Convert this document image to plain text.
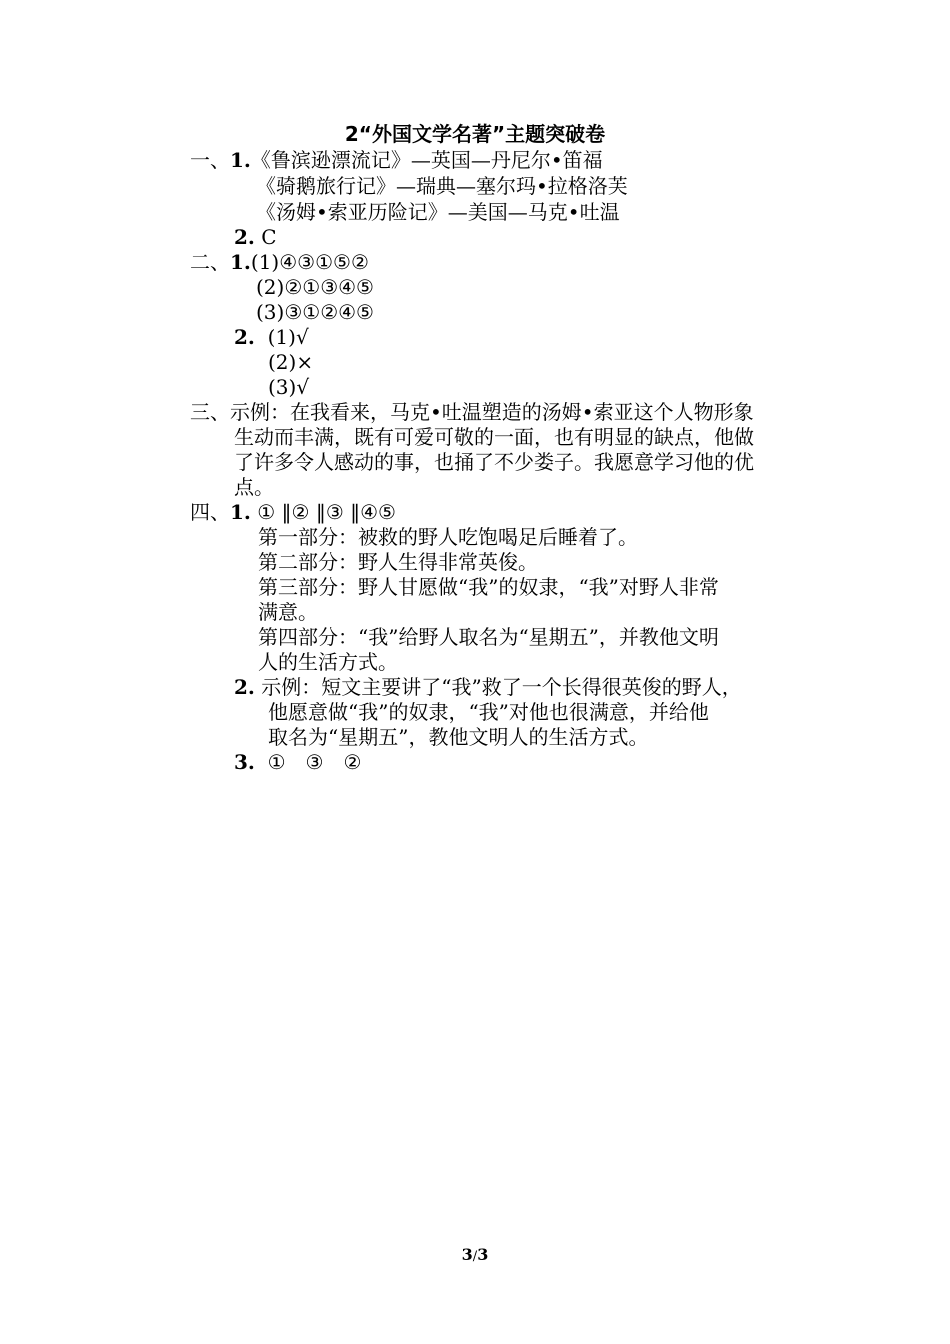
2“外国文学名著”主题突破卷
一、1.《鲁滨逊漂流记》—英国—丹尼尔•笛福
《骑鹅旅行记》—瑞典—塞尔玛•拉格洛芙
《汤姆•索亚历险记》—美国—马克•吐温
2. C
二、1.(1)④③①⑤②
(2)②①③④⑤
(3)③①②④⑤
2. (1)√
(2)×
(3)√
三、示例：在我看来，马克•吐温塑造的汤姆•索亚这个人物形象
生动而丰满，既有可爱可敬的一面，也有明显的缺点，他做
了许多令人感动的事，也捅了不少娄子。我愿意学习他的优
点。
四、1. ① ‖② ‖③ ‖④⑤
第一部分：被救的野人吃饱喝足后睡着了。
第二部分：野人生得非常英俊。
第三部分：野人甘愿做“我”的奴隶，“我”对野人非常
满意。
第四部分：“我”给野人取名为“星期五”，并教他文明
人的生活方式。
2. 示例：短文主要讲了“我”救了一个长得很英俊的野人，
他愿意做“我”的奴隶，“我”对他也很满意，并给他
取名为“星期五”，教他文明人的生活方式。
3. ①　③　②
3/3
